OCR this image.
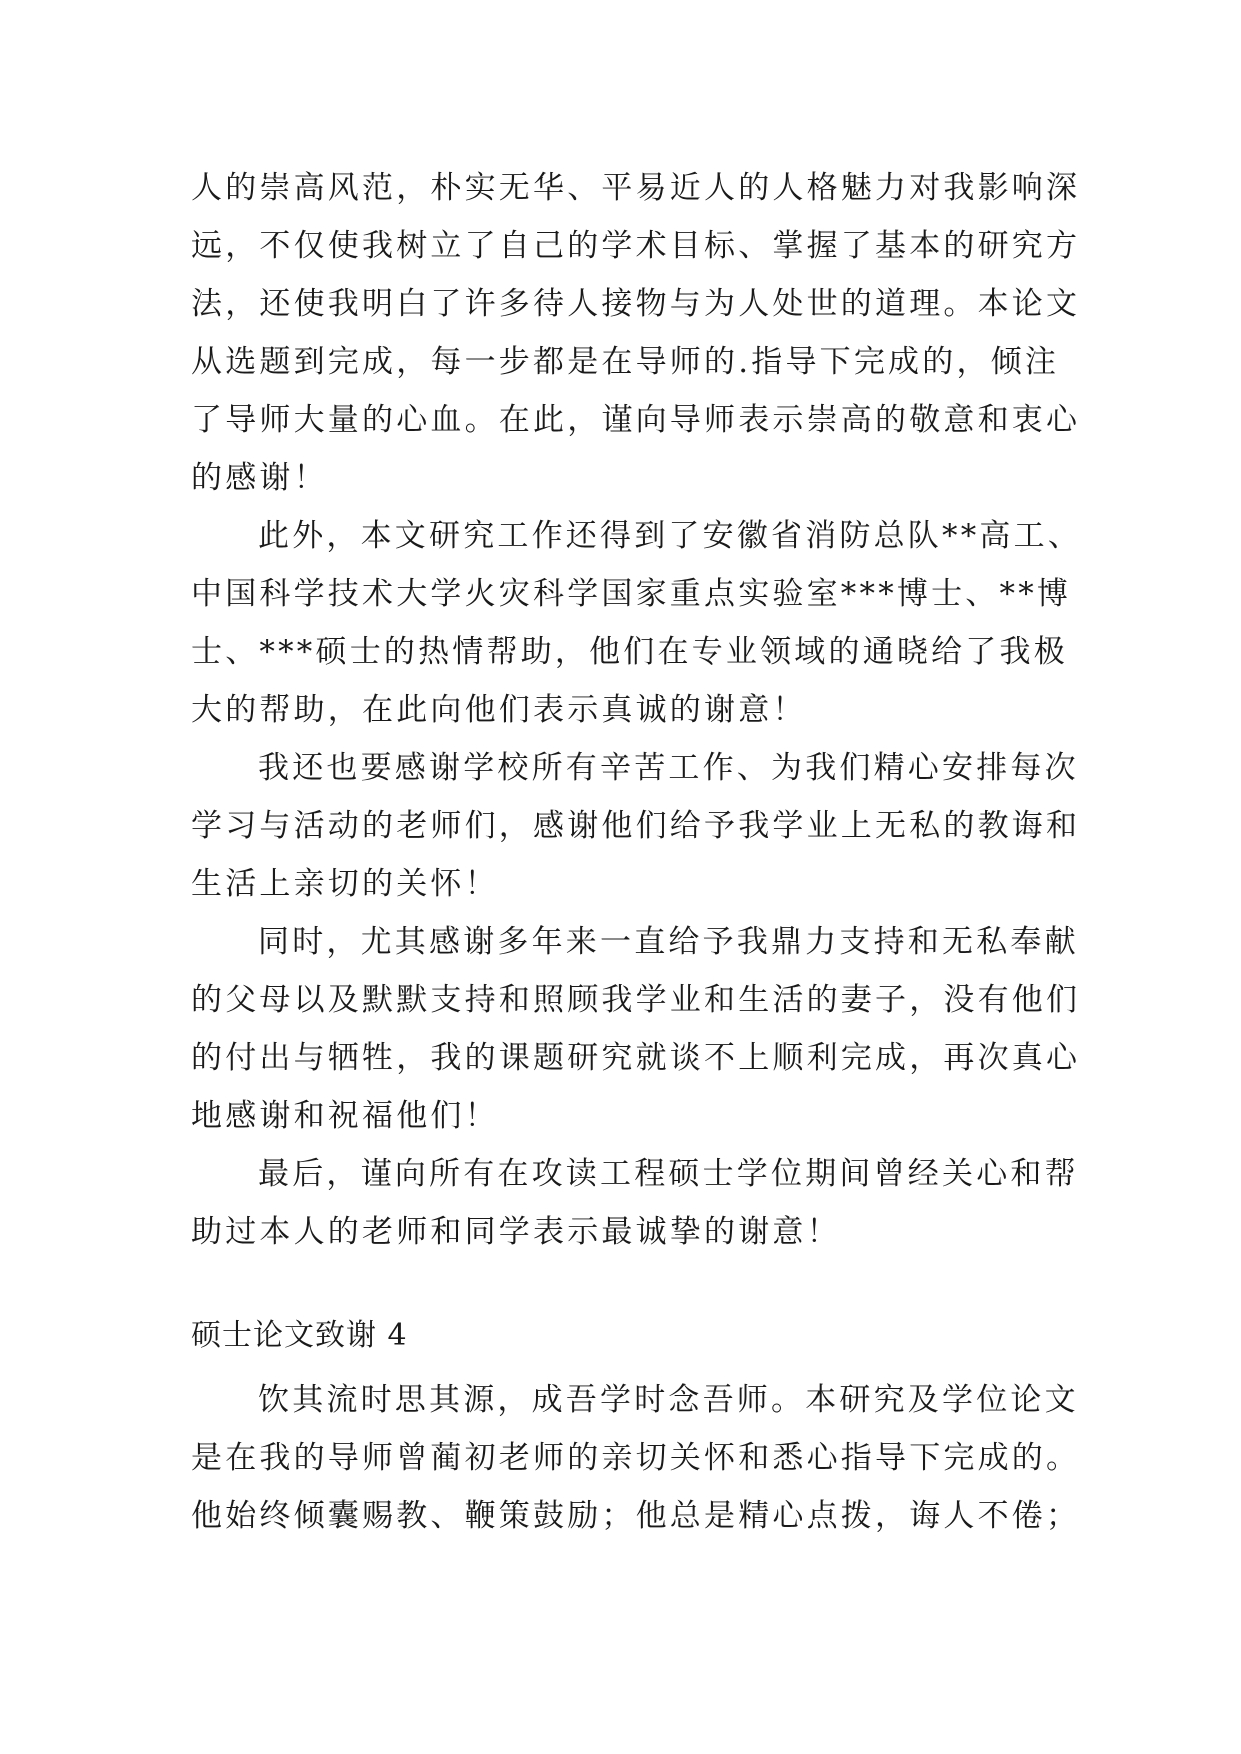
人的崇高风范，朴实无华、平易近人的人格魅力对我影响深
远，不仅使我树立了自己的学术目标、掌握了基本的研究方
法，还使我明白了许多待人接物与为人处世的道理。本论文
从选题到完成，每一步都是在导师的.指导下完成的，倾注
了导师大量的心血。在此，谨向导师表示崇高的敬意和衷心
的感谢！
此外，本文研究工作还得到了安徽省消防总队**高工、
中国科学技术大学火灾科学国家重点实验室***博士、**博
士、***硕士的热情帮助，他们在专业领域的通晓给了我极
大的帮助，在此向他们表示真诚的谢意！
我还也要感谢学校所有辛苦工作、为我们精心安排每次
学习与活动的老师们，感谢他们给予我学业上无私的教诲和
生活上亲切的关怀！
同时，尤其感谢多年来一直给予我鼎力支持和无私奉献
的父母以及默默支持和照顾我学业和生活的妻子，没有他们
的付出与牺牲，我的课题研究就谈不上顺利完成，再次真心
地感谢和祝福他们！
最后，谨向所有在攻读工程硕士学位期间曾经关心和帮
助过本人的老师和同学表示最诚挚的谢意！
硕士论文致谢 4
饮其流时思其源，成吾学时念吾师。本研究及学位论文
是在我的导师曾蔺初老师的亲切关怀和悉心指导下完成的。
他始终倾囊赐教、鞭策鼓励；他总是精心点拨，诲人不倦；
